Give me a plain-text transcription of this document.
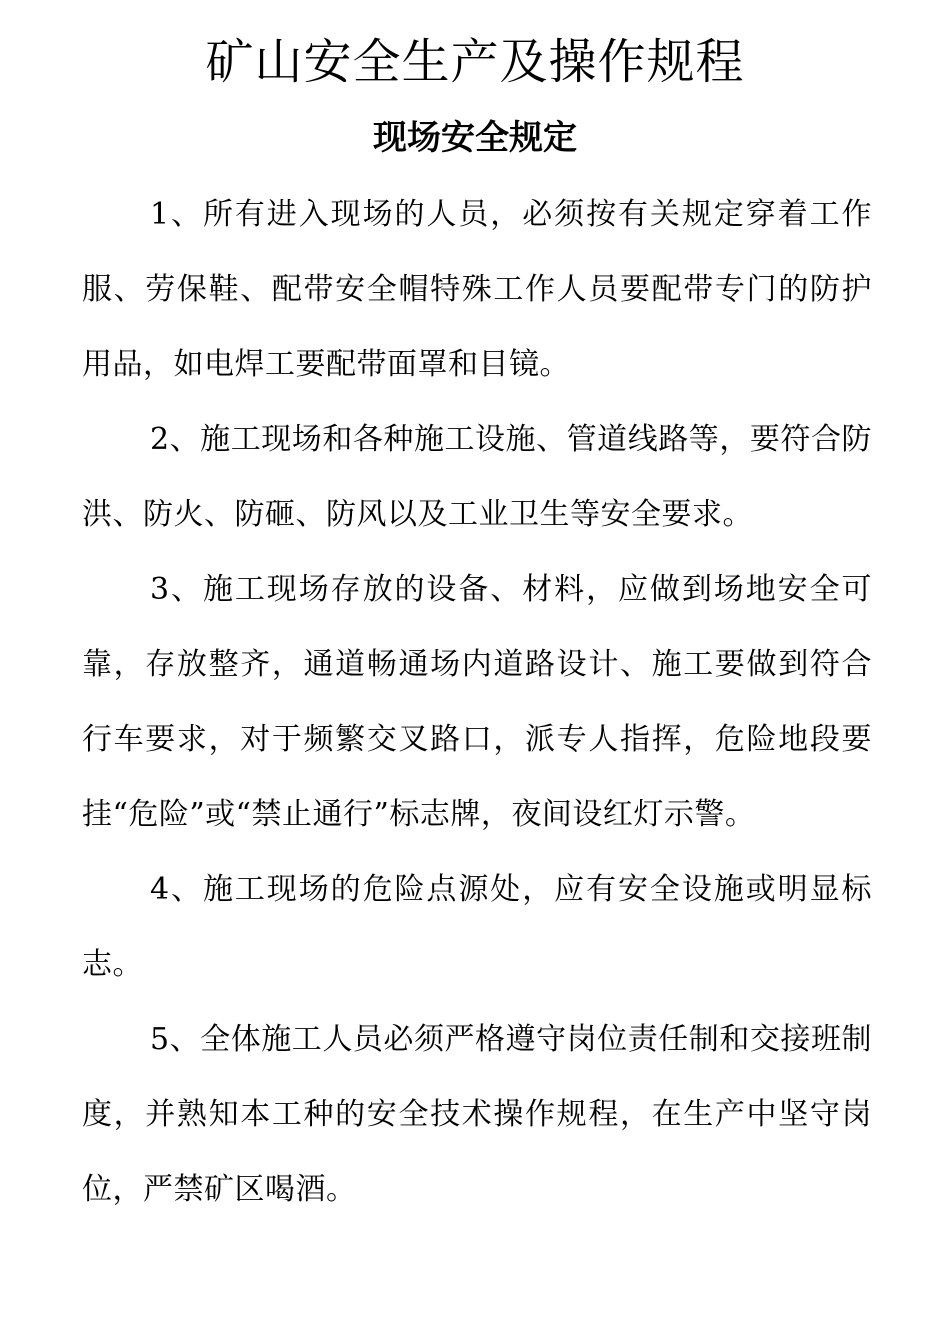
矿山安全生产及操作规程
现场安全规定

1、所有进入现场的人员，必须按有关规定穿着工作服、劳保鞋、配带安全帽特殊工作人员要配带专门的防护用品，如电焊工要配带面罩和目镜。

2、施工现场和各种施工设施、管道线路等，要符合防洪、防火、防砸、防风以及工业卫生等安全要求。

3、施工现场存放的设备、材料，应做到场地安全可靠，存放整齐，通道畅通场内道路设计、施工要做到符合行车要求，对于频繁交叉路口，派专人指挥，危险地段要挂“危险”或“禁止通行”标志牌，夜间设红灯示警。

4、施工现场的危险点源处，应有安全设施或明显标志。

5、全体施工人员必须严格遵守岗位责任制和交接班制度，并熟知本工种的安全技术操作规程，在生产中坚守岗位，严禁矿区喝酒。
